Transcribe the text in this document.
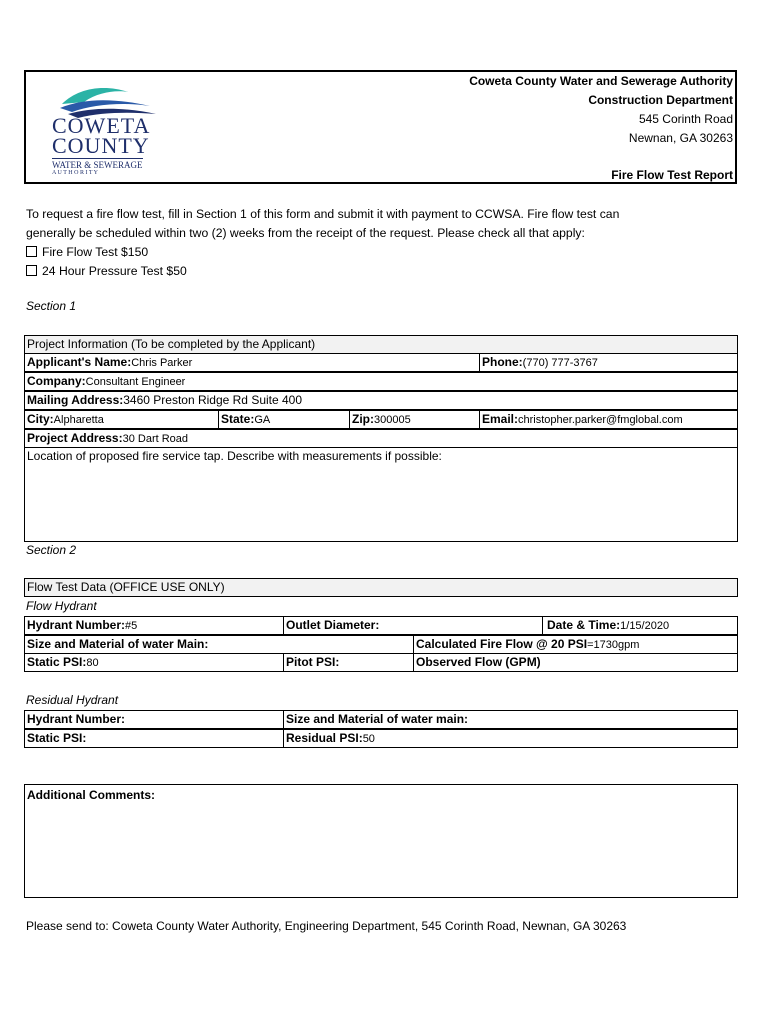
COWETA
COUNTY
WATER & SEWERAGE
A U T H O R I T Y
Coweta County Water and Sewerage Authority
Construction Department
545 Corinth Road
Newnan, GA 30263
Fire Flow Test Report
To request a fire flow test, fill in Section 1 of this form and submit it with payment to CCWSA. Fire flow test can
generally be scheduled within two (2) weeks from the receipt of the request. Please check all that apply:
Fire Flow Test $150
24 Hour Pressure Test $50
Section 1
Project Information (To be completed by the Applicant)
Applicant's Name:Chris Parker	Phone:(770) 777-3767
Company:Consultant Engineer
Mailing Address:3460 Preston Ridge Rd Suite 400
City:Alpharetta	State:GA	Zip:300005	Email:christopher.parker@fmglobal.com
Project Address:30 Dart Road
Location of proposed fire service tap. Describe with measurements if possible:
Section 2
Flow Test Data (OFFICE USE ONLY)
Flow Hydrant
Hydrant Number:#5	Outlet Diameter:	Date & Time:1/15/2020
Size and Material of water Main:	Calculated Fire Flow @ 20 PSI=1730gpm
Static PSI:80	Pitot PSI:	Observed Flow (GPM)
Residual Hydrant
Hydrant Number:	Size and Material of water main:
Static PSI:	Residual PSI:50
Additional Comments:
Please send to: Coweta County Water Authority, Engineering Department, 545 Corinth Road, Newnan, GA 30263
